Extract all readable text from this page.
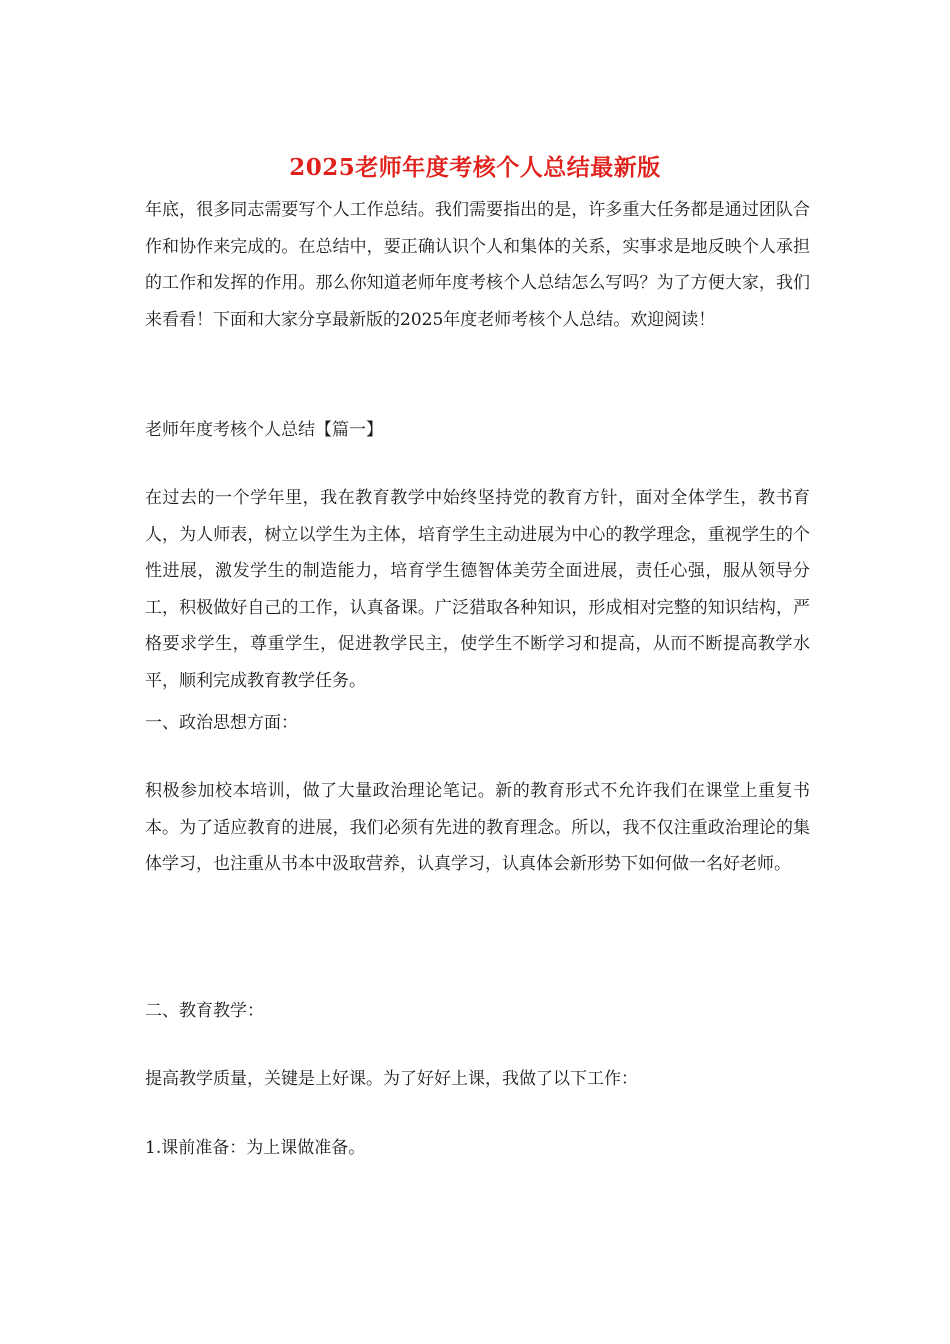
2025老师年度考核个人总结最新版

年底，很多同志需要写个人工作总结。我们需要指出的是，许多重大任务都是通过团队合作和协作来完成的。在总结中，要正确认识个人和集体的关系，实事求是地反映个人承担的工作和发挥的作用。那么你知道老师年度考核个人总结怎么写吗？为了方便大家，我们来看看！下面和大家分享最新版的2025年度老师考核个人总结。欢迎阅读！

老师年度考核个人总结【篇一】

在过去的一个学年里，我在教育教学中始终坚持党的教育方针，面对全体学生，教书育人，为人师表，树立以学生为主体，培育学生主动进展为中心的教学理念，重视学生的个性进展，激发学生的制造能力，培育学生德智体美劳全面进展，责任心强，服从领导分工，积极做好自己的工作，认真备课。广泛猎取各种知识，形成相对完整的知识结构，严格要求学生，尊重学生，促进教学民主，使学生不断学习和提高，从而不断提高教学水平，顺利完成教育教学任务。

一、政治思想方面：

积极参加校本培训，做了大量政治理论笔记。新的教育形式不允许我们在课堂上重复书本。为了适应教育的进展，我们必须有先进的教育理念。所以，我不仅注重政治理论的集体学习，也注重从书本中汲取营养，认真学习，认真体会新形势下如何做一名好老师。

二、教育教学：

提高教学质量，关键是上好课。为了好好上课，我做了以下工作：

1.课前准备：为上课做准备。
